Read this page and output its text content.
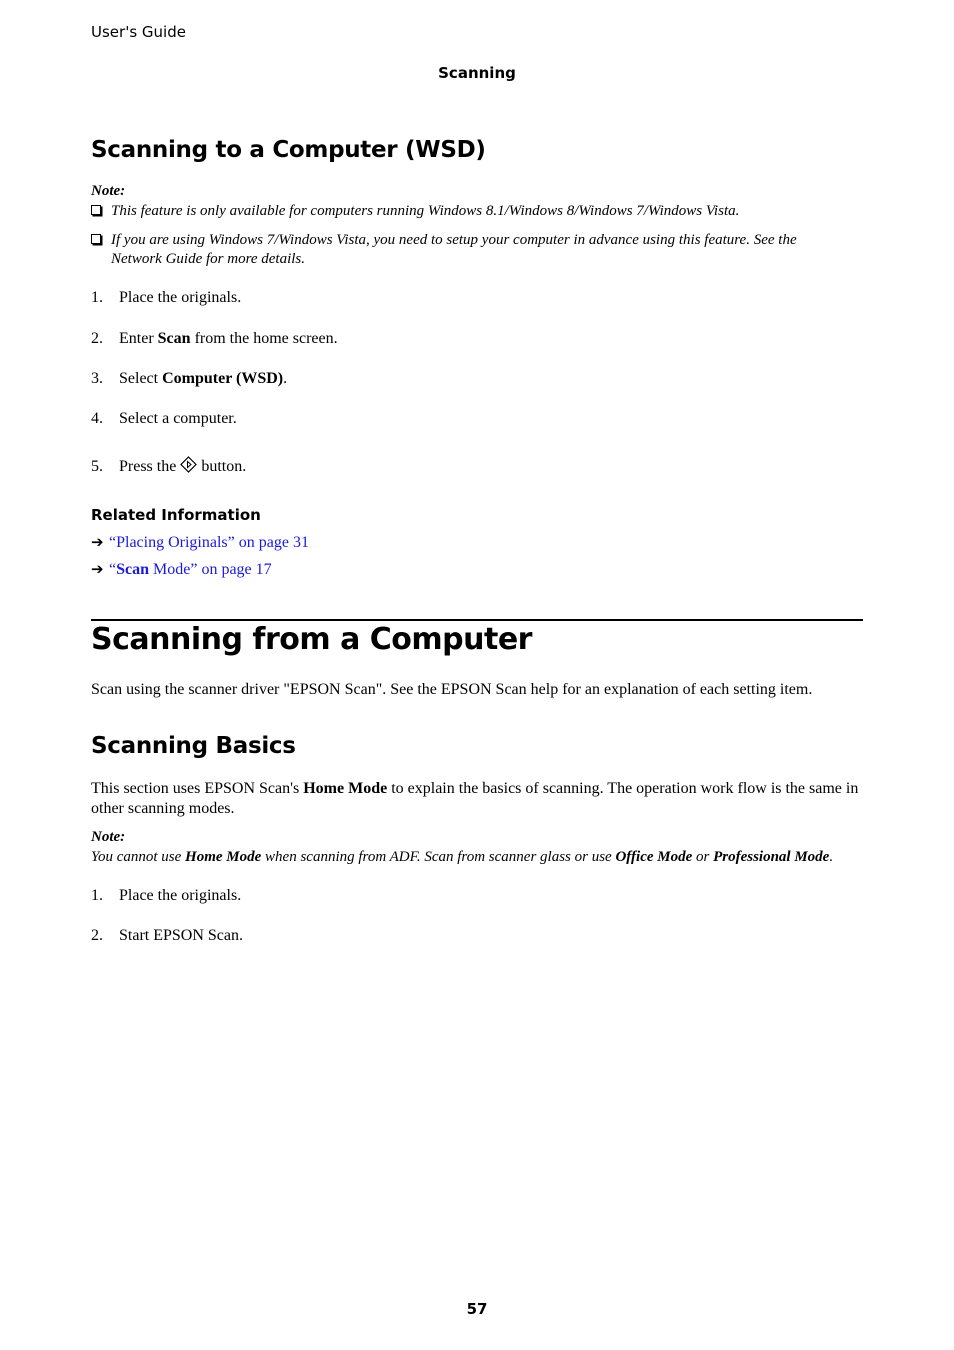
User's Guide
Scanning
Scanning to a Computer (WSD)
Note:
This feature is only available for computers running Windows 8.1/Windows 8/Windows 7/Windows Vista.
If you are using Windows 7/Windows Vista, you need to setup your computer in advance using this feature. See the Network Guide for more details.
1. Place the originals.
2. Enter Scan from the home screen.
3. Select Computer (WSD).
4. Select a computer.
5. Press the  button.
Related Information
➔ “Placing Originals” on page 31
➔ “Scan Mode” on page 17
Scanning from a Computer
Scan using the scanner driver "EPSON Scan". See the EPSON Scan help for an explanation of each setting item.
Scanning Basics
This section uses EPSON Scan's Home Mode to explain the basics of scanning. The operation work flow is the same in other scanning modes.
Note:
You cannot use Home Mode when scanning from ADF. Scan from scanner glass or use Office Mode or Professional Mode.
1. Place the originals.
2. Start EPSON Scan.
57
